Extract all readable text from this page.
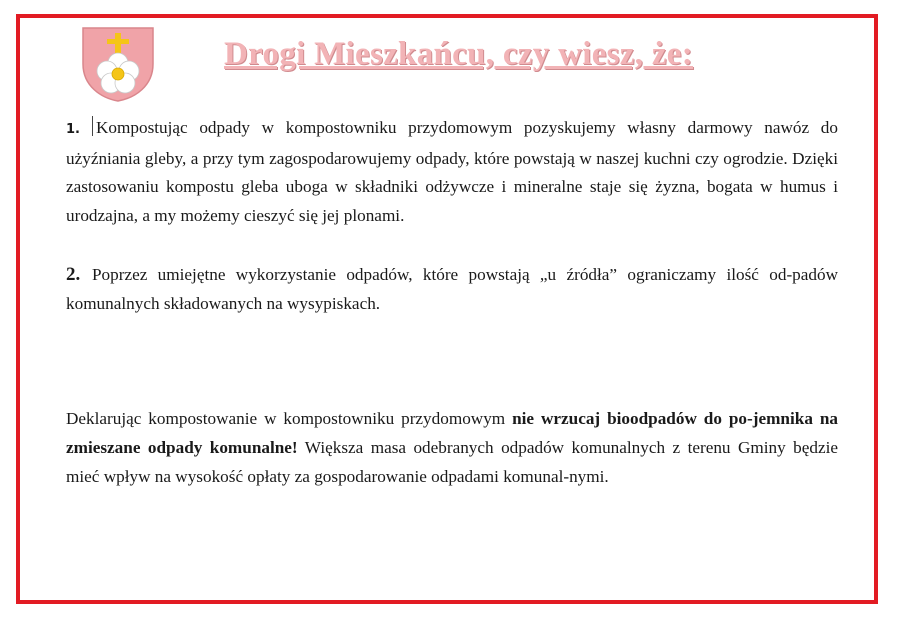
Drogi Mieszkańcu, czy wiesz, że:
1. Kompostując odpady w kompostowniku przydomowym pozyskujemy własny darmowy nawóz do użyźniania gleby, a przy tym zagospodarowujemy odpady, które powstają w naszej kuchni czy ogrodzie. Dzięki zastosowaniu kompostu gleba uboga w składniki odżywcze i mineralne staje się żyzna, bogata w humus i urodzajna, a my możemy cieszyć się jej plonami.
2. Poprzez umiejętne wykorzystanie odpadów, które powstają „u źródła” ograniczamy ilość od-padów komunalnych składowanych na wysypiskach.
Deklarując kompostowanie w kompostowniku przydomowym nie wrzucaj bioodpadów do po-jemnika na zmieszane odpady komunalne! Większa masa odebranych odpadów komunalnych z terenu Gminy będzie mieć wpływ na wysokość opłaty za gospodarowanie odpadami komunal-nymi.
